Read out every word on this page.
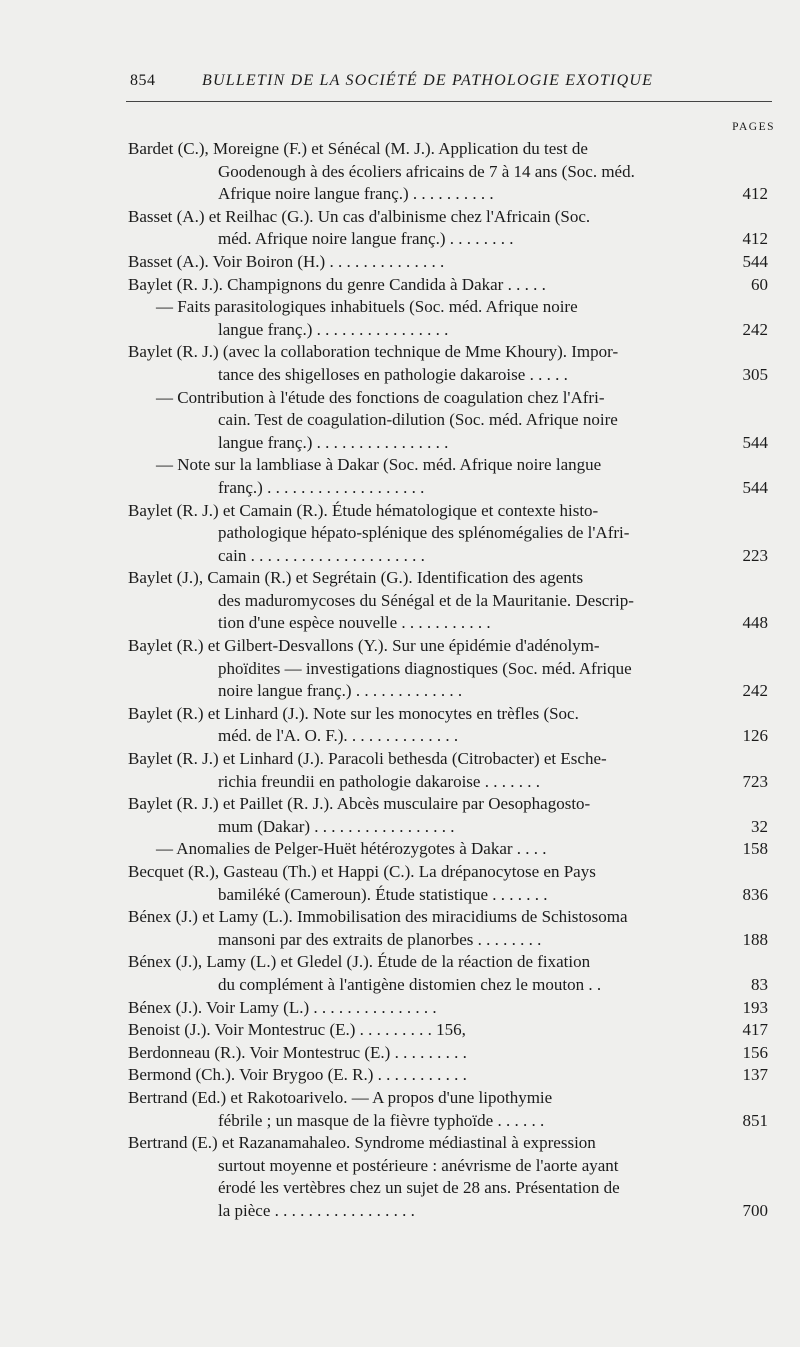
854	BULLETIN DE LA SOCIÉTÉ DE PATHOLOGIE EXOTIQUE
PAGES
Bardet (C.), Moreigne (F.) et Sénécal (M. J.). Application du test de
Goodenough à des écoliers africains de 7 à 14 ans (Soc. méd.
Afrique noire langue franç.) . . . . . . . . . .	412
Basset (A.) et Reilhac (G.). Un cas d'albinisme chez l'Africain (Soc.
méd. Afrique noire langue franç.) . . . . . . . .	412
Basset (A.). Voir Boiron (H.) . . . . . . . . . . . . . .	544
Baylet (R. J.). Champignons du genre Candida à Dakar . . . . .	60
— Faits parasitologiques inhabituels (Soc. méd. Afrique noire
langue franç.) . . . . . . . . . . . . . . . .	242
Baylet (R. J.) (avec la collaboration technique de Mme Khoury). Impor-
tance des shigelloses en pathologie dakaroise . . . . .	305
— Contribution à l'étude des fonctions de coagulation chez l'Afri-
cain. Test de coagulation-dilution (Soc. méd. Afrique noire
langue franç.) . . . . . . . . . . . . . . . .	544
— Note sur la lambliase à Dakar (Soc. méd. Afrique noire langue
franç.) . . . . . . . . . . . . . . . . . . .	544
Baylet (R. J.) et Camain (R.). Étude hématologique et contexte histo-
pathologique hépato-splénique des splénomégalies de l'Afri-
cain . . . . . . . . . . . . . . . . . . . . .	223
Baylet (J.), Camain (R.) et Segrétain (G.). Identification des agents
des maduromycoses du Sénégal et de la Mauritanie. Descrip-
tion d'une espèce nouvelle . . . . . . . . . . .	448
Baylet (R.) et Gilbert-Desvallons (Y.). Sur une épidémie d'adénolym-
phoïdites — investigations diagnostiques (Soc. méd. Afrique
noire langue franç.) . . . . . . . . . . . . .	242
Baylet (R.) et Linhard (J.). Note sur les monocytes en trèfles (Soc.
méd. de l'A. O. F.). . . . . . . . . . . . . .	126
Baylet (R. J.) et Linhard (J.). Paracoli bethesda (Citrobacter) et Esche-
richia freundii en pathologie dakaroise . . . . . . .	723
Baylet (R. J.) et Paillet (R. J.). Abcès musculaire par Oesophagosto-
mum (Dakar) . . . . . . . . . . . . . . . . .	32
— Anomalies de Pelger-Huët hétérozygotes à Dakar . . . .	158
Becquet (R.), Gasteau (Th.) et Happi (C.). La drépanocytose en Pays
bamiléké (Cameroun). Étude statistique . . . . . . .	836
Bénex (J.) et Lamy (L.). Immobilisation des miracidiums de Schistosoma
mansoni par des extraits de planorbes . . . . . . . .	188
Bénex (J.), Lamy (L.) et Gledel (J.). Étude de la réaction de fixation
du complément à l'antigène distomien chez le mouton . .	83
Bénex (J.). Voir Lamy (L.) . . . . . . . . . . . . . . .	193
Benoist (J.). Voir Montestruc (E.) . . . . . . . . . 156,	417
Berdonneau (R.). Voir Montestruc (E.) . . . . . . . . .	156
Bermond (Ch.). Voir Brygoo (E. R.) . . . . . . . . . . .	137
Bertrand (Ed.) et Rakotoarivelo. — A propos d'une lipothymie
fébrile ; un masque de la fièvre typhoïde . . . . . .	851
Bertrand (E.) et Razanamahaleo. Syndrome médiastinal à expression
surtout moyenne et postérieure : anévrisme de l'aorte ayant
érodé les vertèbres chez un sujet de 28 ans. Présentation de
la pièce . . . . . . . . . . . . . . . . .	700
